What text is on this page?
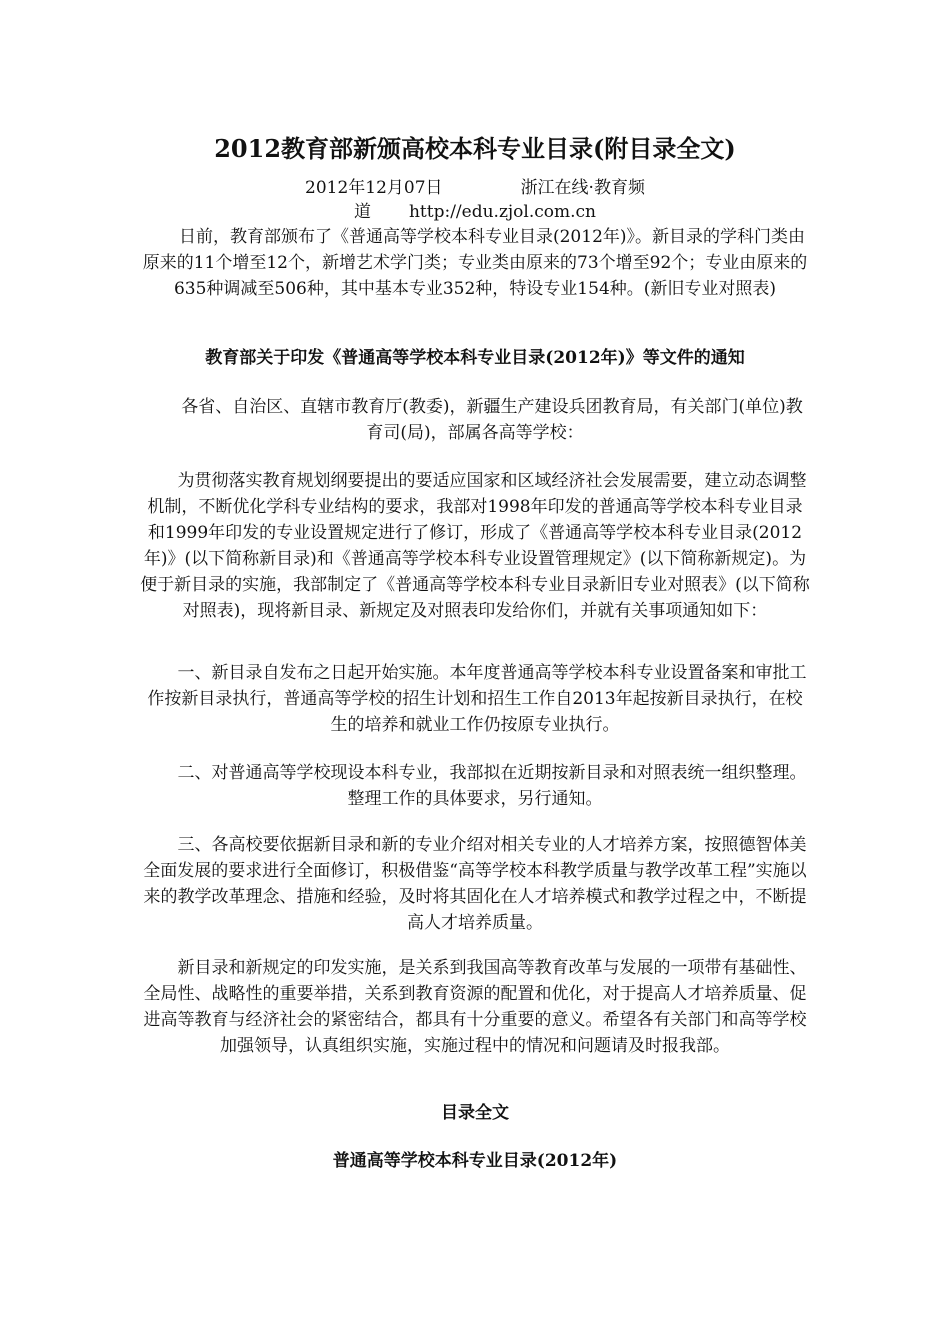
2012教育部新颁高校本科专业目录(附目录全文)
2012年12月07日	浙江在线·教育频
道 http://edu.zjol.com.cn

日前，教育部颁布了《普通高等学校本科专业目录(2012年)》。新目录的学科门类由原来的11个增至12个，新增艺术学门类；专业类由原来的73个增至92个；专业由原来的635种调减至506种，其中基本专业352种，特设专业154种。(新旧专业对照表)

教育部关于印发《普通高等学校本科专业目录(2012年)》等文件的通知

各省、自治区、直辖市教育厅(教委)，新疆生产建设兵团教育局，有关部门(单位)教育司(局)，部属各高等学校：

为贯彻落实教育规划纲要提出的要适应国家和区域经济社会发展需要，建立动态调整机制，不断优化学科专业结构的要求，我部对1998年印发的普通高等学校本科专业目录和1999年印发的专业设置规定进行了修订，形成了《普通高等学校本科专业目录(2012年)》(以下简称新目录)和《普通高等学校本科专业设置管理规定》(以下简称新规定)。为便于新目录的实施，我部制定了《普通高等学校本科专业目录新旧专业对照表》(以下简称对照表)，现将新目录、新规定及对照表印发给你们，并就有关事项通知如下：

一、新目录自发布之日起开始实施。本年度普通高等学校本科专业设置备案和审批工作按新目录执行，普通高等学校的招生计划和招生工作自2013年起按新目录执行，在校生的培养和就业工作仍按原专业执行。

二、对普通高等学校现设本科专业，我部拟在近期按新目录和对照表统一组织整理。整理工作的具体要求，另行通知。

三、各高校要依据新目录和新的专业介绍对相关专业的人才培养方案，按照德智体美全面发展的要求进行全面修订，积极借鉴“高等学校本科教学质量与教学改革工程”实施以来的教学改革理念、措施和经验，及时将其固化在人才培养模式和教学过程之中，不断提高人才培养质量。

新目录和新规定的印发实施，是关系到我国高等教育改革与发展的一项带有基础性、全局性、战略性的重要举措，关系到教育资源的配置和优化，对于提高人才培养质量、促进高等教育与经济社会的紧密结合，都具有十分重要的意义。希望各有关部门和高等学校加强领导，认真组织实施，实施过程中的情况和问题请及时报我部。

目录全文

普通高等学校本科专业目录(2012年)
